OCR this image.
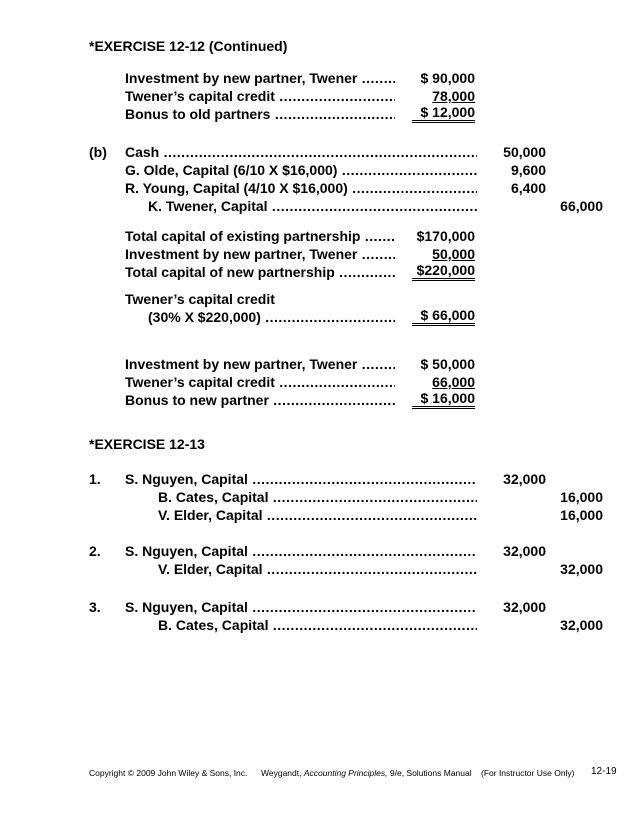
*EXERCISE 12-12 (Continued)
Investment by new partner, Twener .....	$ 90,000
Twener’s capital credit .....	78,000
Bonus to old partners .....	$ 12,000
(b) Cash .....	50,000
G. Olde, Capital (6/10 X $16,000) .....	9,600
R. Young, Capital (4/10 X $16,000) .....	6,400
K. Twener, Capital .....	66,000
Total capital of existing partnership .....	$170,000
Investment by new partner, Twener .....	50,000
Total capital of new partnership .....	$220,000
Twener’s capital credit
(30% X $220,000) .....	$ 66,000
Investment by new partner, Twener .....	$ 50,000
Twener’s capital credit .....	66,000
Bonus to new partner .....	$ 16,000
*EXERCISE 12-13
1. S. Nguyen, Capital .....	32,000
B. Cates, Capital .....	16,000
V. Elder, Capital .....	16,000
2. S. Nguyen, Capital .....	32,000
V. Elder, Capital .....	32,000
3. S. Nguyen, Capital .....	32,000
B. Cates, Capital .....	32,000
Copyright © 2009 John Wiley & Sons, Inc. Weygandt, Accounting Principles, 9/e, Solutions Manual (For Instructor Use Only) 12-19
